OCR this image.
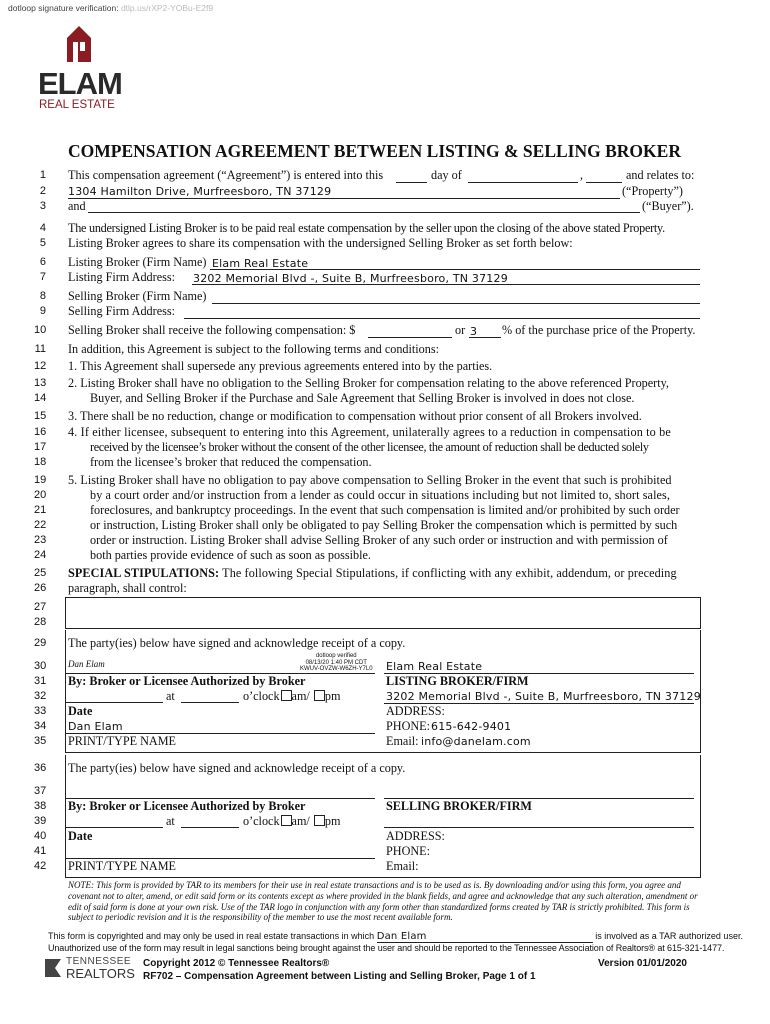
dotloop signature verification: dtlp.us/rXP2-YOBu-E2f9
ELAM
REAL ESTATE
COMPENSATION AGREEMENT BETWEEN LISTING & SELLING BROKER
1
2
3
4
5
6
7
8
9
10
11
12
13
14
15
16
17
18
19
20
21
22
23
24
25
26
27
28
29
30
31
32
33
34
35
36
37
38
39
40
41
42
This compensation agreement (“Agreement”) is entered into this	day of	,	and relates to:
1304 Hamilton Drive, Murfreesboro, TN 37129	(“Property”)
and	(“Buyer”).
The undersigned Listing Broker is to be paid real estate compensation by the seller upon the closing of the above stated Property.
Listing Broker agrees to share its compensation with the undersigned Selling Broker as set forth below:
Listing Broker (Firm Name) Elam Real Estate
Listing Firm Address: 3202 Memorial Blvd -, Suite B, Murfreesboro, TN 37129
Selling Broker (Firm Name)
Selling Firm Address:
Selling Broker shall receive the following compensation: $	or 3 % of the purchase price of the Property.
In addition, this Agreement is subject to the following terms and conditions:
1. This Agreement shall supersede any previous agreements entered into by the parties.
2. Listing Broker shall have no obligation to the Selling Broker for compensation relating to the above referenced Property,
Buyer, and Selling Broker if the Purchase and Sale Agreement that Selling Broker is involved in does not close.
3. There shall be no reduction, change or modification to compensation without prior consent of all Brokers involved.
4. If either licensee, subsequent to entering into this Agreement, unilaterally agrees to a reduction in compensation to be
received by the licensee’s broker without the consent of the other licensee, the amount of reduction shall be deducted solely
from the licensee’s broker that reduced the compensation.
5. Listing Broker shall have no obligation to pay above compensation to Selling Broker in the event that such is prohibited
by a court order and/or instruction from a lender as could occur in situations including but not limited to, short sales,
foreclosures, and bankruptcy proceedings. In the event that such compensation is limited and/or prohibited by such order
or instruction, Listing Broker shall only be obligated to pay Selling Broker the compensation which is permitted by such
order or instruction. Listing Broker shall advise Selling Broker of any such order or instruction and with permission of
both parties provide evidence of such as soon as possible.
SPECIAL STIPULATIONS: The following Special Stipulations, if conflicting with any exhibit, addendum, or preceding
paragraph, shall control:
The party(ies) below have signed and acknowledge receipt of a copy.
Dan Elam
dotloop verified
08/13/20 1:40 PM CDT
KWUV-OVZW-W6ZH-Y7L0
By: Broker or Licensee Authorized by Broker
at	o’clock am/ pm
Date
Dan Elam
PRINT/TYPE NAME
Elam Real Estate
LISTING BROKER/FIRM
3202 Memorial Blvd -, Suite B, Murfreesboro, TN 37129
ADDRESS:
PHONE: 615-642-9401
Email: info@danelam.com
The party(ies) below have signed and acknowledge receipt of a copy.
By: Broker or Licensee Authorized by Broker
at	o’clock am/ pm
Date
PRINT/TYPE NAME
SELLING BROKER/FIRM
ADDRESS:
PHONE:
Email:
NOTE: This form is provided by TAR to its members for their use in real estate transactions and is to be used as is. By downloading and/or using this form, you agree and covenant not to alter, amend, or edit said form or its contents except as where provided in the blank fields, and agree and acknowledge that any such alteration, amendment or edit of said form is done at your own risk. Use of the TAR logo in conjunction with any form other than standardized forms created by TAR is strictly prohibited. This form is subject to periodic revision and it is the responsibility of the member to use the most recent available form.
This form is copyrighted and may only be used in real estate transactions in which Dan Elam	is involved as a TAR authorized user.
Unauthorized use of the form may result in legal sanctions being brought against the user and should be reported to the Tennessee Association of Realtors® at 615-321-1477.
TENNESSEE
REALTORS
Copyright 2012 © Tennessee Realtors®
RF702 – Compensation Agreement between Listing and Selling Broker, Page 1 of 1
Version 01/01/2020
